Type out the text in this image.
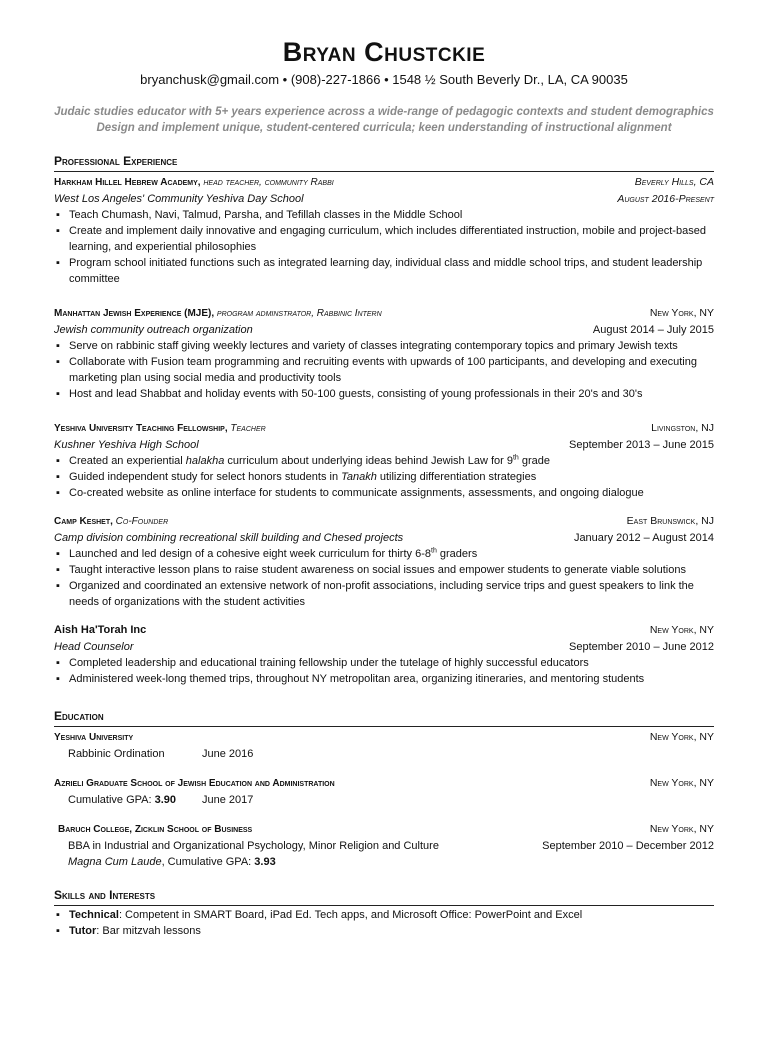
Bryan Chustckie
bryanchusk@gmail.com • (908)-227-1866 • 1548 ½ South Beverly Dr., LA, CA 90035
Judaic studies educator with 5+ years experience across a wide-range of pedagogic contexts and student demographics
Design and implement unique, student-centered curricula; keen understanding of instructional alignment
Professional Experience
Harkham Hillel Hebrew Academy, head teacher, community Rabbi	Beverly Hills, CA
West Los Angeles' Community Yeshiva Day School	August 2016-Present
▪ Teach Chumash, Navi, Talmud, Parsha, and Tefillah classes in the Middle School
▪ Create and implement daily innovative and engaging curriculum, which includes differentiated instruction, mobile and project-based learning, and experiential philosophies
▪ Program school initiated functions such as integrated learning day, individual class and middle school trips, and student leadership committee
Manhattan Jewish Experience (MJE), program adminstrator, Rabbinic Intern	New York, NY
Jewish community outreach organization	August 2014 – July 2015
▪ Serve on rabbinic staff giving weekly lectures and variety of classes integrating contemporary topics and primary Jewish texts
▪ Collaborate with Fusion team programming and recruiting events with upwards of 100 participants, and developing and executing marketing plan using social media and productivity tools
▪ Host and lead Shabbat and holiday events with 50-100 guests, consisting of young professionals in their 20's and 30's
Yeshiva University Teaching Fellowship, Teacher	Livingston, NJ
Kushner Yeshiva High School	September 2013 – June 2015
▪ Created an experiential halakha curriculum about underlying ideas behind Jewish Law for 9th grade
▪ Guided independent study for select honors students in Tanakh utilizing differentiation strategies
▪ Co-created website as online interface for students to communicate assignments, assessments, and ongoing dialogue
Camp Keshet, Co-Founder	East Brunswick, NJ
Camp division combining recreational skill building and Chesed projects	January 2012 – August 2014
▪ Launched and led design of a cohesive eight week curriculum for thirty 6-8th graders
▪ Taught interactive lesson plans to raise student awareness on social issues and empower students to generate viable solutions
▪ Organized and coordinated an extensive network of non-profit associations, including service trips and guest speakers to link the needs of organizations with the student activities
Aish Ha'Torah Inc	New York, NY
Head Counselor	September 2010 – June 2012
▪ Completed leadership and educational training fellowship under the tutelage of highly successful educators
▪ Administered week-long themed trips, throughout NY metropolitan area, organizing itineraries, and mentoring students
Education
Yeshiva University	New York, NY
Rabbinic Ordination	June 2016
Azrieli Graduate School of Jewish Education and Administration	New York, NY
Cumulative GPA: 3.90	June 2017
Baruch College, Zicklin School of Business	New York, NY
BBA in Industrial and Organizational Psychology, Minor Religion and Culture	September 2010 – December 2012
Magna Cum Laude, Cumulative GPA: 3.93
Skills and Interests
▪ Technical: Competent in SMART Board, iPad Ed. Tech apps, and Microsoft Office: PowerPoint and Excel
▪ Tutor: Bar mitzvah lessons
